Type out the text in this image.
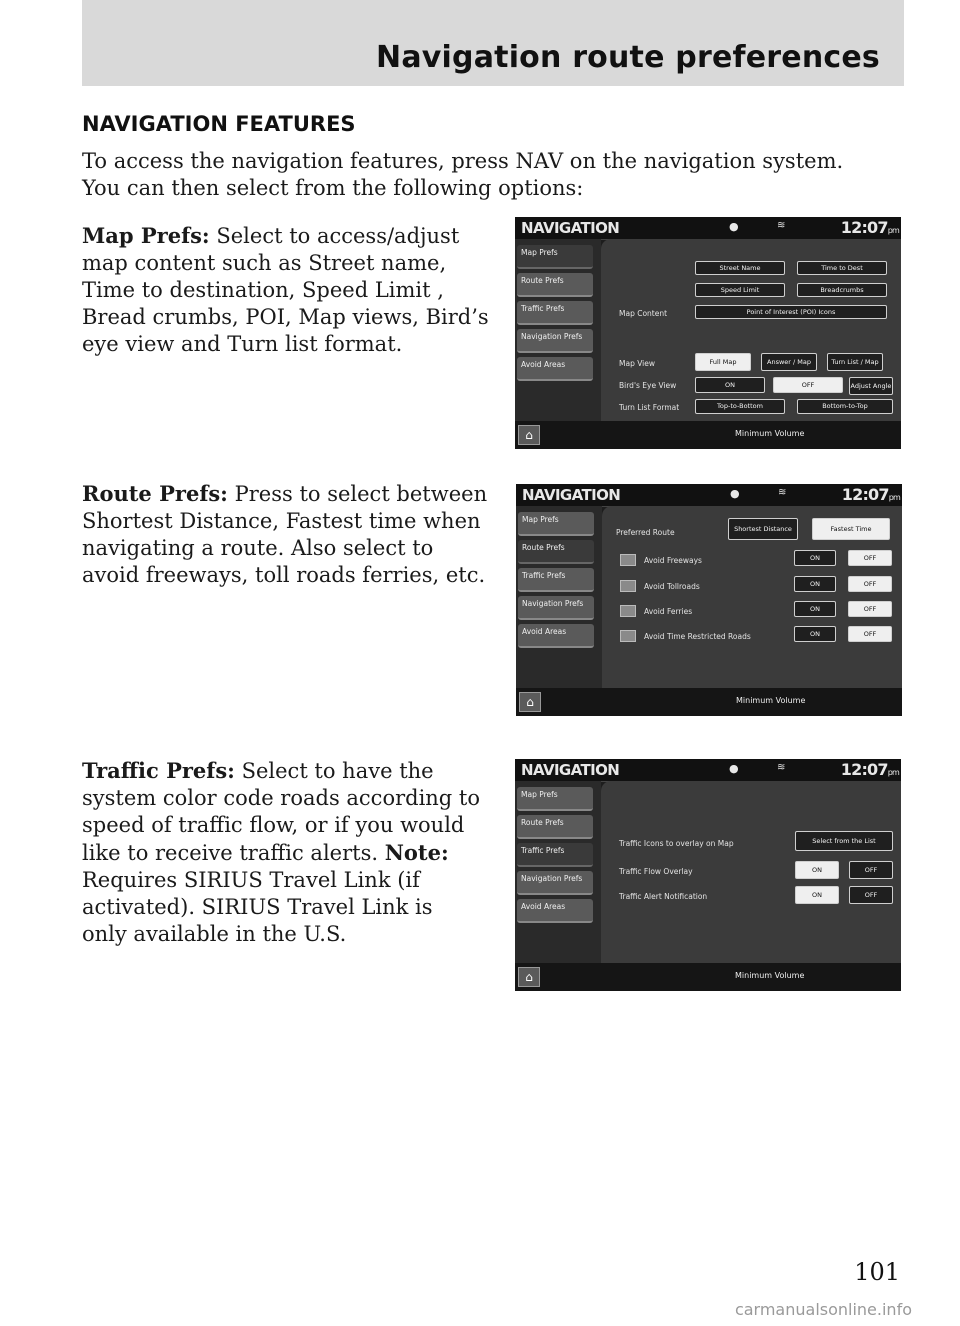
Navigation route preferences
NAVIGATION FEATURES
To access the navigation features, press NAV on the navigation system. You can then select from the following options:
Map Prefs: Select to access/adjust map content such as Street name, Time to destination, Speed Limit , Bread crumbs, POI, Map views, Bird’s eye view and Turn list format.
Route Prefs: Press to select between Shortest Distance, Fastest time when navigating a route. Also select to avoid freeways, toll roads ferries, etc.
Traffic Prefs: Select to have the system color code roads according to speed of traffic flow, or if you would like to receive traffic alerts. Note: Requires SIRIUS Travel Link (if activated). SIRIUS Travel Link is only available in the U.S.
NAVIGATION	●	≋	12:07pm
Map Prefs
Route Prefs
Traffic Prefs
Navigation Prefs
Avoid Areas
Map Content
Street Name	Time to Dest
Speed Limit	Breadcrumbs
Point of Interest (POI) Icons
Map View	Full Map	Answer / Map	Turn List / Map
Bird's Eye View	ON	OFF	Adjust Angle
Turn List Format	Top-to-Bottom	Bottom-to-Top
⌂	Minimum Volume
NAVIGATION	●	≋	12:07pm
Map Prefs
Route Prefs
Traffic Prefs
Navigation Prefs
Avoid Areas
Preferred Route	Shortest Distance	Fastest Time
Avoid Freeways	ON	OFF
Avoid Tollroads	ON	OFF
Avoid Ferries	ON	OFF
Avoid Time Restricted Roads	ON	OFF
⌂	Minimum Volume
NAVIGATION	●	≋	12:07pm
Map Prefs
Route Prefs
Traffic Prefs
Navigation Prefs
Avoid Areas
Traffic Icons to overlay on Map	Select from the List
Traffic Flow Overlay	ON	OFF
Traffic Alert Notification	ON	OFF
⌂	Minimum Volume
101
carmanualsonline.info
